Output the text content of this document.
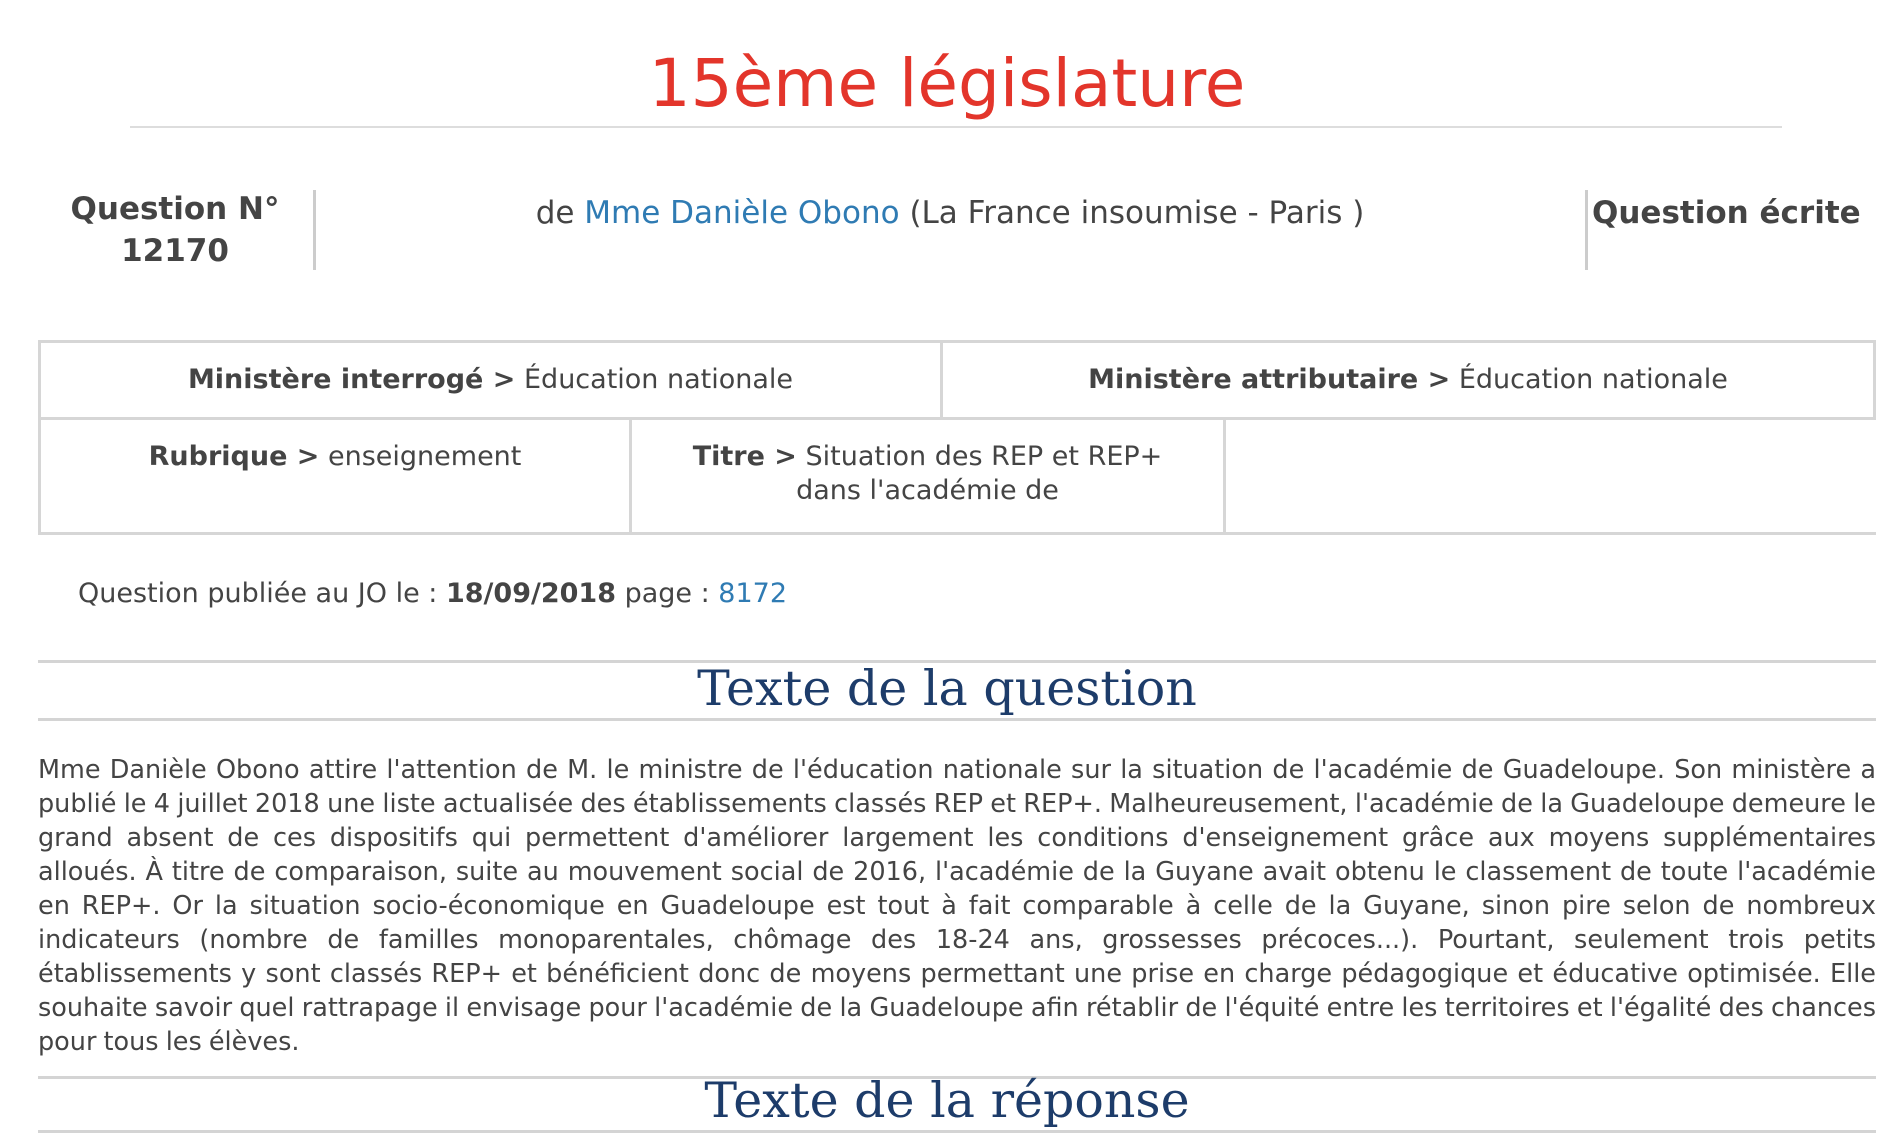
15ème législature
Question N°
12170
de Mme Danièle Obono (La France insoumise - Paris )	Question écrite
Ministère interrogé > Éducation nationale	Ministère attributaire > Éducation nationale
Rubrique > enseignement	Titre > Situation des REP et REP+ dans l'académie de
Question publiée au JO le : 18/09/2018 page : 8172
Texte de la question
Mme Danièle Obono attire l'attention de M. le ministre de l'éducation nationale sur la situation de l'académie de Guadeloupe. Son ministère a publié le 4 juillet 2018 une liste actualisée des établissements classés REP et REP+. Malheureusement, l'académie de la Guadeloupe demeure le grand absent de ces dispositifs qui permettent d'améliorer largement les conditions d'enseignement grâce aux moyens supplémentaires alloués. À titre de comparaison, suite au mouvement social de 2016, l'académie de la Guyane avait obtenu le classement de toute l'académie en REP+. Or la situation socio-économique en Guadeloupe est tout à fait comparable à celle de la Guyane, sinon pire selon de nombreux indicateurs (nombre de familles monoparentales, chômage des 18-24 ans, grossesses précoces...). Pourtant, seulement trois petits établissements y sont classés REP+ et bénéficient donc de moyens permettant une prise en charge pédagogique et éducative optimisée. Elle souhaite savoir quel rattrapage il envisage pour l'académie de la Guadeloupe afin rétablir de l'équité entre les territoires et l'égalité des chances pour tous les élèves.
Texte de la réponse
